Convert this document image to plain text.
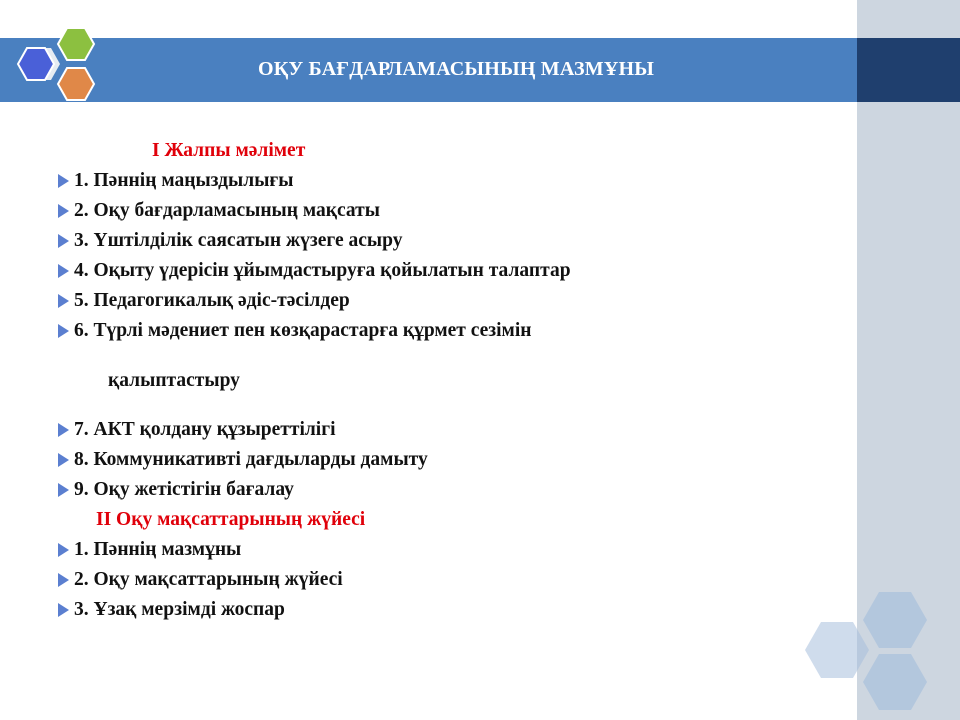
ОҚУ БАҒДАРЛАМАСЫНЫҢ МАЗМҰНЫ

I Жалпы мәлімет

1. Пәннің маңыздылығы

2. Оқу бағдарламасының мақсаты

3. Үштілділік саясатын жүзеге асыру

4. Оқыту үдерісін ұйымдастыруға қойылатын талаптар

5. Педагогикалық әдіс-тәсілдер

6. Түрлі мәдениет пен көзқарастарға құрмет сезімін

қалыптастыру

7. АКТ қолдану құзыреттілігі

8. Коммуникативті дағдыларды дамыту

9. Оқу жетістігін бағалау

II Оқу мақсаттарының жүйесі

1. Пәннің мазмұны

2. Оқу мақсаттарының жүйесі

3. Ұзақ мерзімді жоспар
